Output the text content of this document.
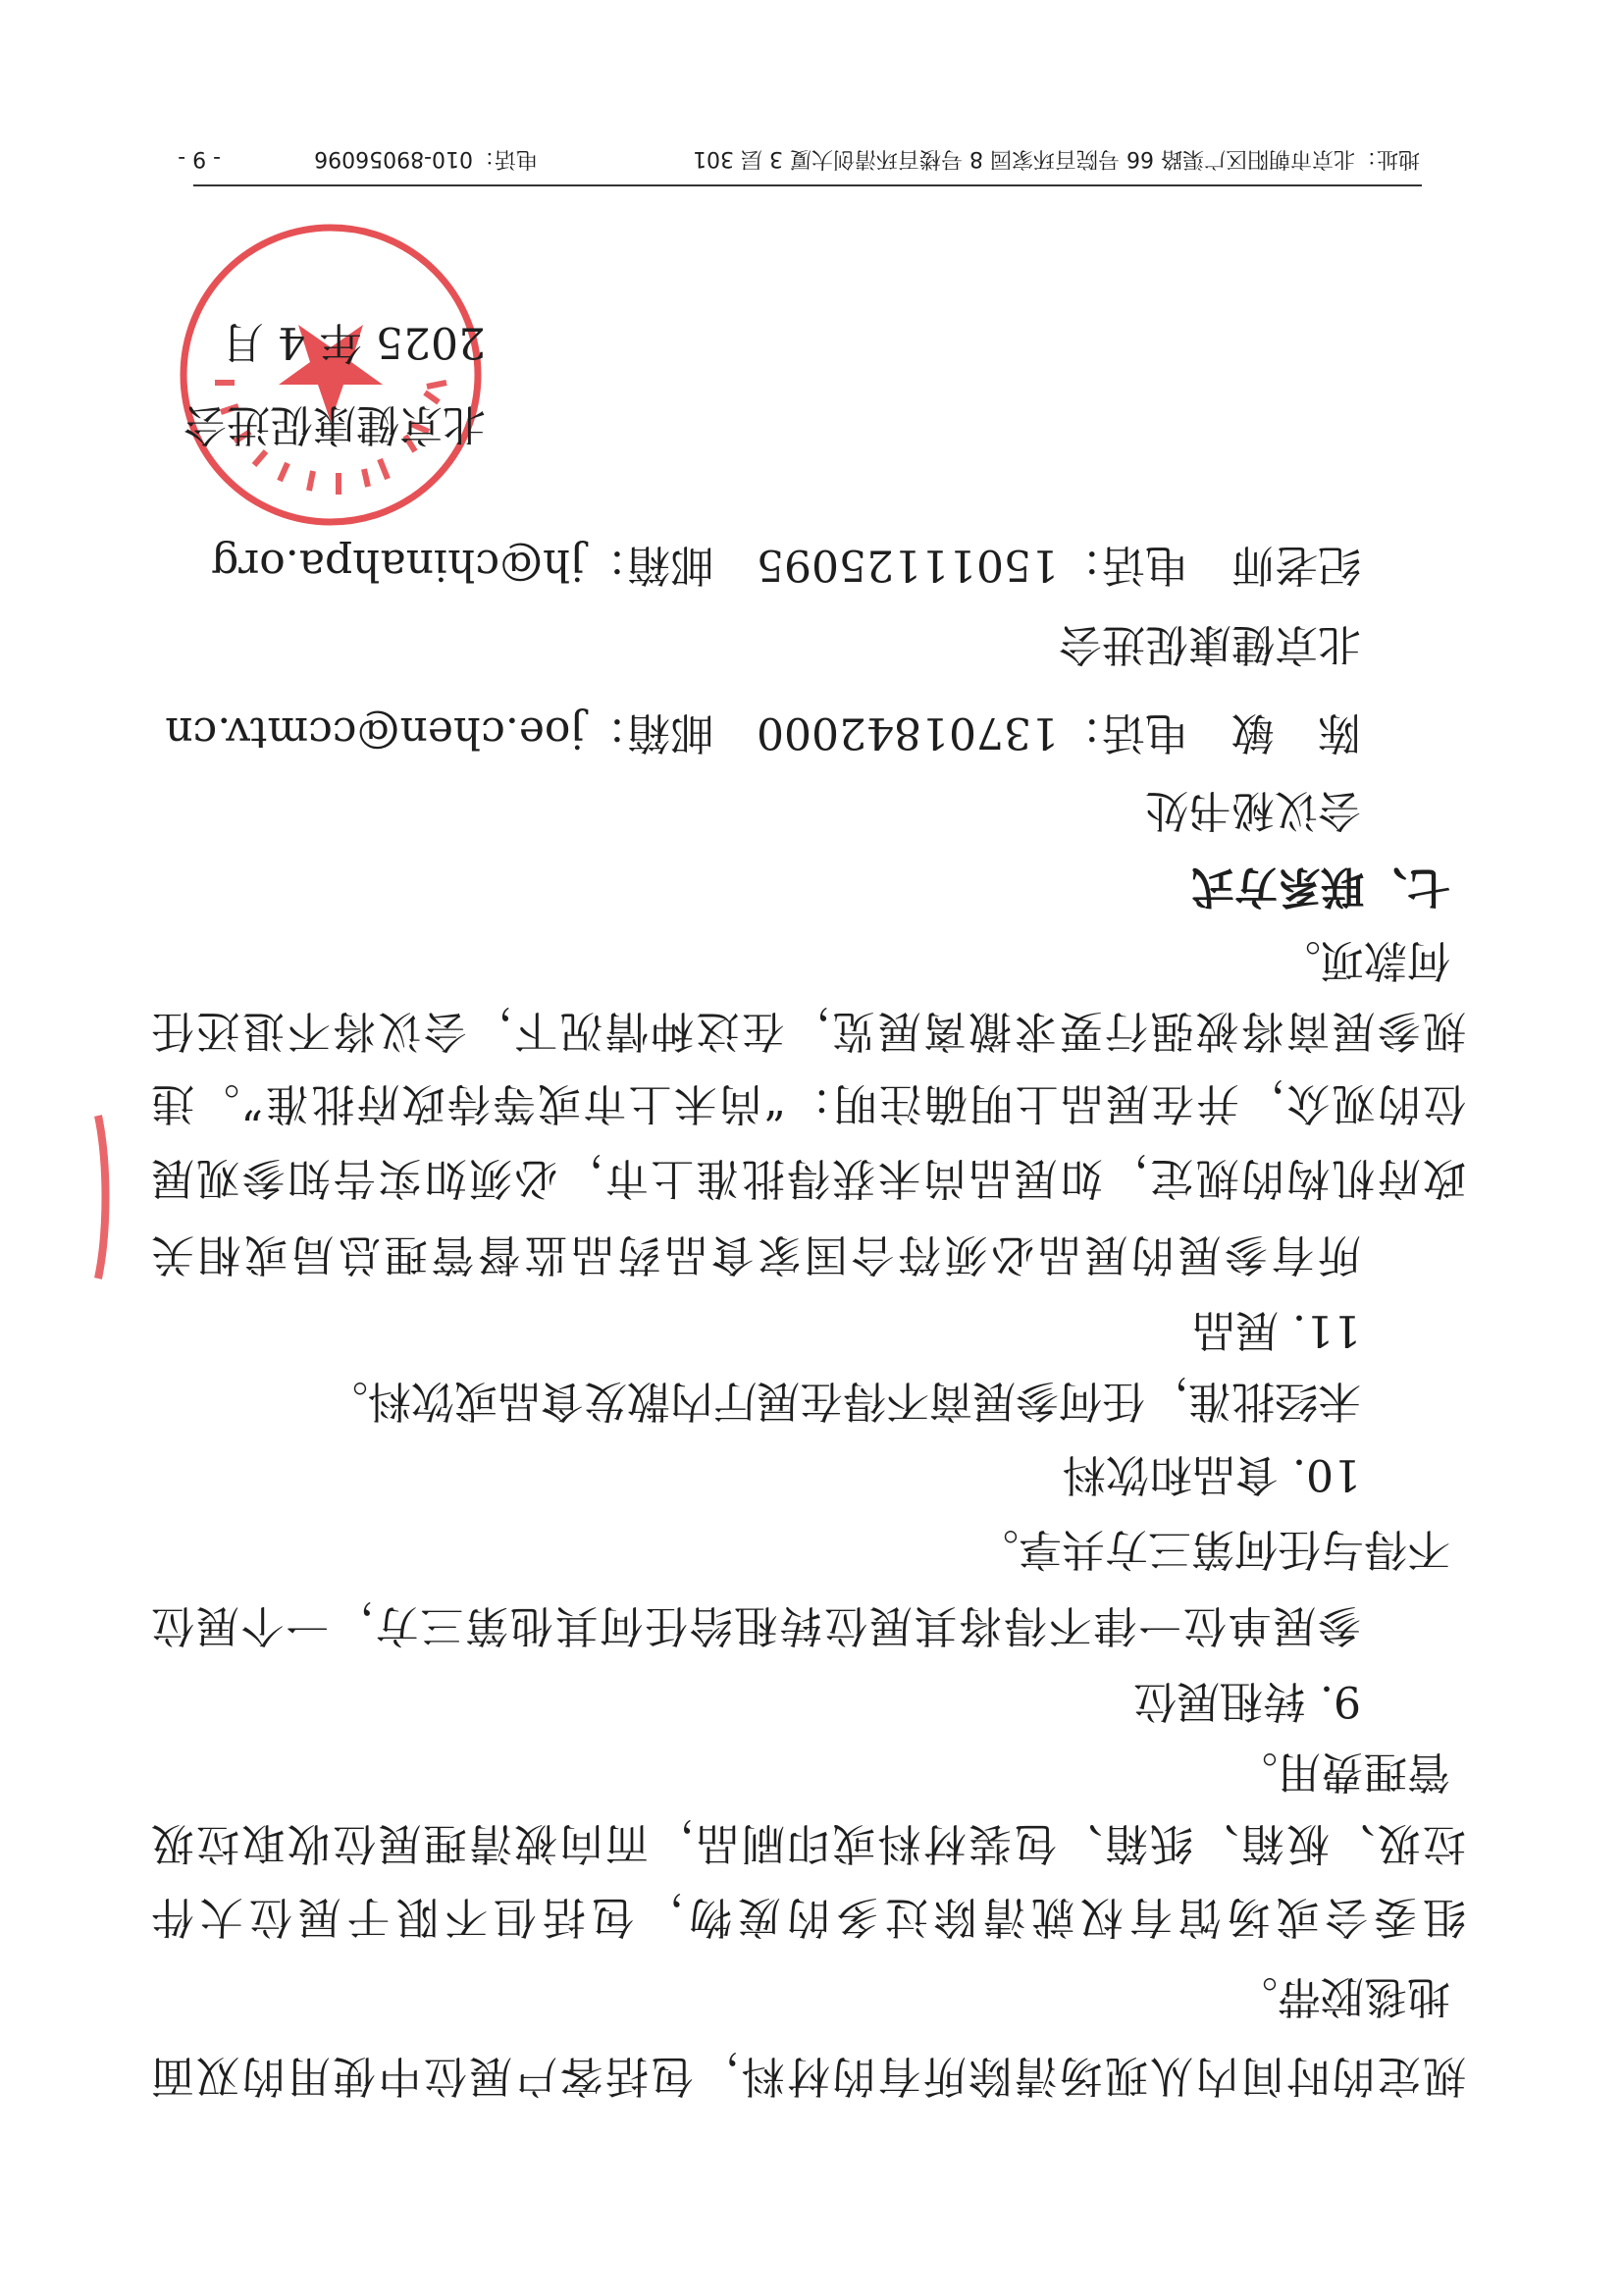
规定的时间内从现场清除所有的材料，包括客户展位中使用的双面
地毯胶带。
组委会或场馆有权就清除过多的废物，包括但不限于展位大件
垃圾、板箱、纸箱、包装材料或印刷品，而向被清理展位收取垃圾
管理费用。
9. 转租展位
参展单位一律不得将其展位转租给任何其他第三方，一个展位
不得与任何第三方共享。
10. 食品和饮料
未经批准，任何参展商不得在展厅内散发食品或饮料。
11. 展品
所有参展的展品必须符合国家食品药品监督管理总局或相关
政府机构的规定，如展品尚未获得批准上市，必须如实告知参观展
位的观众，并在展品上明确注明：“尚未上市或等待政府批准”。违
规参展商将被强行要求撤离展览，在这种情况下，会议将不退还任
何款项。
七、联系方式
会议秘书处
陈　敏　电话：13701842000　邮箱：joe.chen@ccmtv.cn
北京健康促进会
纪老师　电话：15011125095　邮箱：jh@chinahpa.org
北京健康促进会
2025 年 4 月
地址：北京市朝阳区广渠路 66 号院百环家园 8 号楼百环清创大厦 3 层 301
电话：010-89056096
- 9 -
